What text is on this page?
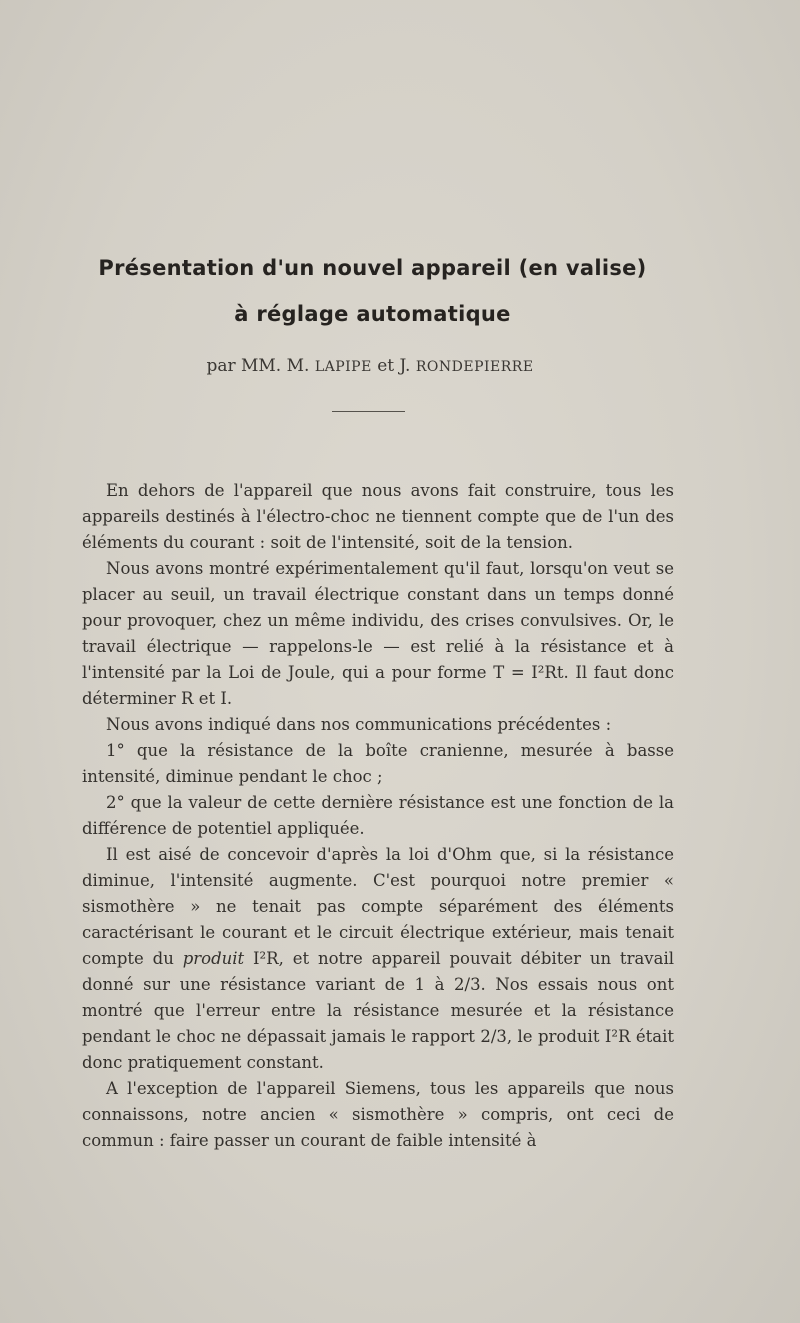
Présentation d'un nouvel appareil (en valise)
à réglage automatique
par MM. M. LAPIPE et J. RONDEPIERRE

En dehors de l'appareil que nous avons fait construire, tous les appareils destinés à l'électro-choc ne tiennent compte que de l'un des éléments du courant : soit de l'intensité, soit de la tension.

Nous avons montré expérimentalement qu'il faut, lorsqu'on veut se placer au seuil, un travail électrique constant dans un temps donné pour provoquer, chez un même individu, des crises convulsives. Or, le travail électrique — rappelons-le — est relié à la résistance et à l'intensité par la Loi de Joule, qui a pour forme T = I²Rt. Il faut donc déterminer R et I.

Nous avons indiqué dans nos communications précédentes :

1° que la résistance de la boîte cranienne, mesurée à basse intensité, diminue pendant le choc ;

2° que la valeur de cette dernière résistance est une fonction de la différence de potentiel appliquée.

Il est aisé de concevoir d'après la loi d'Ohm que, si la résistance diminue, l'intensité augmente. C'est pourquoi notre premier « sismothère » ne tenait pas compte séparément des éléments caractérisant le courant et le circuit électrique extérieur, mais tenait compte du produit I²R, et notre appareil pouvait débiter un travail donné sur une résistance variant de 1 à 2/3. Nos essais nous ont montré que l'erreur entre la résistance mesurée et la résistance pendant le choc ne dépassait jamais le rapport 2/3, le produit I²R était donc pratiquement constant.

A l'exception de l'appareil Siemens, tous les appareils que nous connaissons, notre ancien « sismothère » compris, ont ceci de commun : faire passer un courant de faible intensité à
